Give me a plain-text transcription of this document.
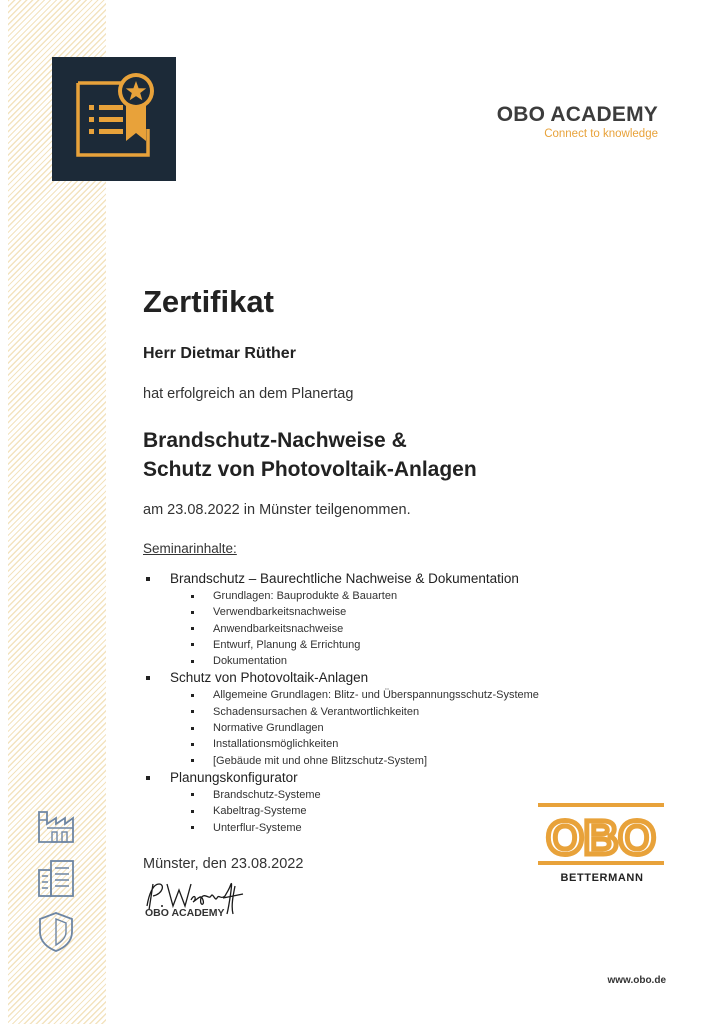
OBO ACADEMY
Connect to knowledge
Zertifikat
Herr Dietmar Rüther
hat erfolgreich an dem Planertag
Brandschutz-Nachweise &
Schutz von Photovoltaik-Anlagen
am 23.08.2022 in Münster teilgenommen.
Seminarinhalte:
Brandschutz – Baurechtliche Nachweise & Dokumentation
Grundlagen: Bauprodukte & Bauarten
Verwendbarkeitsnachweise
Anwendbarkeitsnachweise
Entwurf, Planung & Errichtung
Dokumentation
Schutz von Photovoltaik-Anlagen
Allgemeine Grundlagen: Blitz- und Überspannungsschutz-Systeme
Schadensursachen & Verantwortlichkeiten
Normative Grundlagen
Installationsmöglichkeiten
[Gebäude mit und ohne Blitzschutz-System]
Planungskonfigurator
Brandschutz-Systeme
Kabeltrag-Systeme
Unterflur-Systeme
Münster, den 23.08.2022
OBO ACADEMY
OBO
BETTERMANN
www.obo.de
